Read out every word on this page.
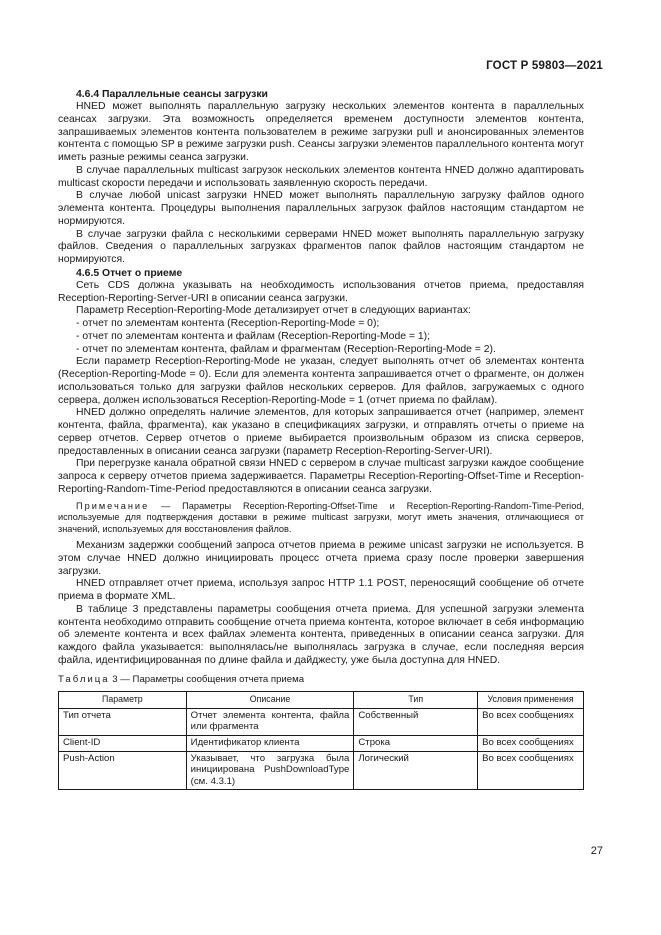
ГОСТ Р 59803—2021
4.6.4 Параллельные сеансы загрузки

HNED может выполнять параллельную загрузку нескольких элементов контента в параллельных сеансах загрузки. Эта возможность определяется временем доступности элементов контента, запрашиваемых элементов контента пользователем в режиме загрузки pull и анонсированных элементов контента с помощью SP в режиме загрузки push. Сеансы загрузки элементов параллельного контента могут иметь разные режимы сеанса загрузки.

В случае параллельных multicast загрузок нескольких элементов контента HNED должно адаптировать multicast скорости передачи и использовать заявленную скорость передачи.

В случае любой unicast загрузки HNED может выполнять параллельную загрузку файлов одного элемента контента. Процедуры выполнения параллельных загрузок файлов настоящим стандартом не нормируются.

В случае загрузки файла с несколькими серверами HNED может выполнять параллельную загрузку файлов. Сведения о параллельных загрузках фрагментов папок файлов настоящим стандартом не нормируются.

4.6.5 Отчет о приеме

Сеть CDS должна указывать на необходимость использования отчетов приема, предоставляя Reception-Reporting-Server-URI в описании сеанса загрузки.

Параметр Reception-Reporting-Mode детализирует отчет в следующих вариантах:

- отчет по элементам контента (Reception-Reporting-Mode = 0);

- отчет по элементам контента и файлам (Reception-Reporting-Mode = 1);

- отчет по элементам контента, файлам и фрагментам (Reception-Reporting-Mode = 2).

Если параметр Reception-Reporting-Mode не указан, следует выполнять отчет об элементах контента (Reception-Reporting-Mode = 0). Если для элемента контента запрашивается отчет о фрагменте, он должен использоваться только для загрузки файлов нескольких серверов. Для файлов, загружаемых с одного сервера, должен использоваться Reception-Reporting-Mode = 1 (отчет приема по файлам).

HNED должно определять наличие элементов, для которых запрашивается отчет (например, элемент контента, файла, фрагмента), как указано в спецификациях загрузки, и отправлять отчеты о приеме на сервер отчетов. Сервер отчетов о приеме выбирается произвольным образом из списка серверов, предоставленных в описании сеанса загрузки (параметр Reception-Reporting-Server-URI).

При перегрузке канала обратной связи HNED с сервером в случае multicast загрузки каждое сообщение запроса к серверу отчетов приема задерживается. Параметры Reception-Reporting-Offset-Time и Reception-Reporting-Random-Time-Period предоставляются в описании сеанса загрузки.

Примечание — Параметры Reception-Reporting-Offset-Time и Reception-Reporting-Random-Time-Period, используемые для подтверждения доставки в режиме multicast загрузки, могут иметь значения, отличающиеся от значений, используемых для восстановления файлов.

Механизм задержки сообщений запроса отчетов приема в режиме unicast загрузки не используется. В этом случае HNED должно инициировать процесс отчета приема сразу после проверки завершения загрузки.

HNED отправляет отчет приема, используя запрос HTTP 1.1 POST, переносящий сообщение об отчете приема в формате XML.

В таблице 3 представлены параметры сообщения отчета приема. Для успешной загрузки элемента контента необходимо отправить сообщение отчета приема контента, которое включает в себя информацию об элементе контента и всех файлах элемента контента, приведенных в описании сеанса загрузки. Для каждого файла указывается: выполнялась/не выполнялась загрузка в случае, если последняя версия файла, идентифицированная по длине файла и дайджесту, уже была доступна для HNED.

Таблица 3 — Параметры сообщения отчета приема

Параметр	Описание	Тип	Условия применения
Тип отчета	Отчет элемента контента, файла или фрагмента	Собственный	Во всех сообщениях
Client-ID	Идентификатор клиента	Строка	Во всех сообщениях
Push-Action	Указывает, что загрузка была инициирована PushDownloadType (см. 4.3.1)	Логический	Во всех сообщениях
27
